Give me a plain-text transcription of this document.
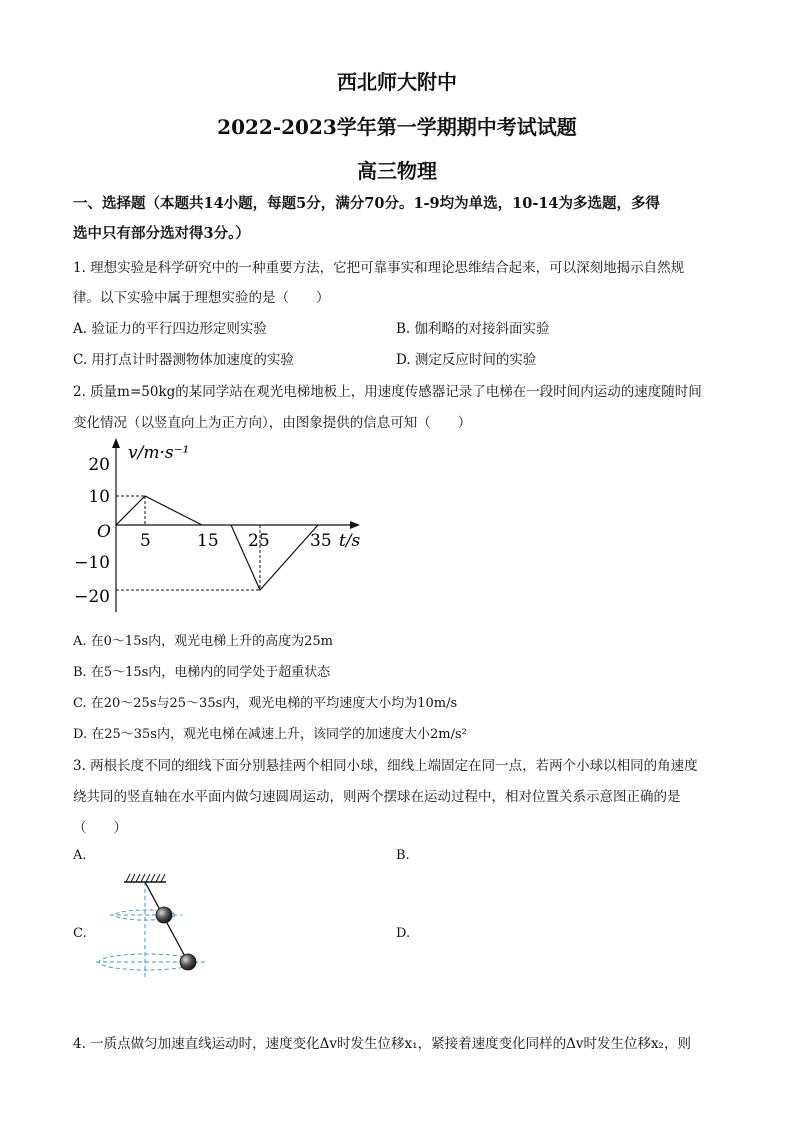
西北师大附中
2022-2023学年第一学期期中考试试题
高三物理
一、选择题（本题共14小题，每题5分，满分70分。1-9均为单选，10-14为多选题，多得
选中只有部分选对得3分。）
1. 理想实验是科学研究中的一种重要方法，它把可靠事实和理论思维结合起来，可以深刻地揭示自然规
律。以下实验中属于理想实验的是（　　）
A. 验证力的平行四边形定则实验	B. 伽利略的对接斜面实验
C. 用打点计时器测物体加速度的实验	D. 测定反应时间的实验
2. 质量m=50kg的某同学站在观光电梯地板上，用速度传感器记录了电梯在一段时间内运动的速度随时间
变化情况（以竖直向上为正方向），由图象提供的信息可知（　　）
v/m·s⁻¹
t/s
O
20
10
−10
−20
5	15 25 35
A. 在0～15s内，观光电梯上升的高度为25m
B. 在5～15s内，电梯内的同学处于超重状态
C. 在20～25s与25～35s内，观光电梯的平均速度大小均为10m/s
D. 在25～35s内，观光电梯在减速上升，该同学的加速度大小2m/s²
3. 两根长度不同的细线下面分别悬挂两个相同小球，细线上端固定在同一点，若两个小球以相同的角速度
绕共同的竖直轴在水平面内做匀速圆周运动，则两个摆球在运动过程中，相对位置关系示意图正确的是
（　　）
A.	B.
C.	D.
4. 一质点做匀加速直线运动时，速度变化Δv时发生位移x₁，紧接着速度变化同样的Δv时发生位移x₂，则
